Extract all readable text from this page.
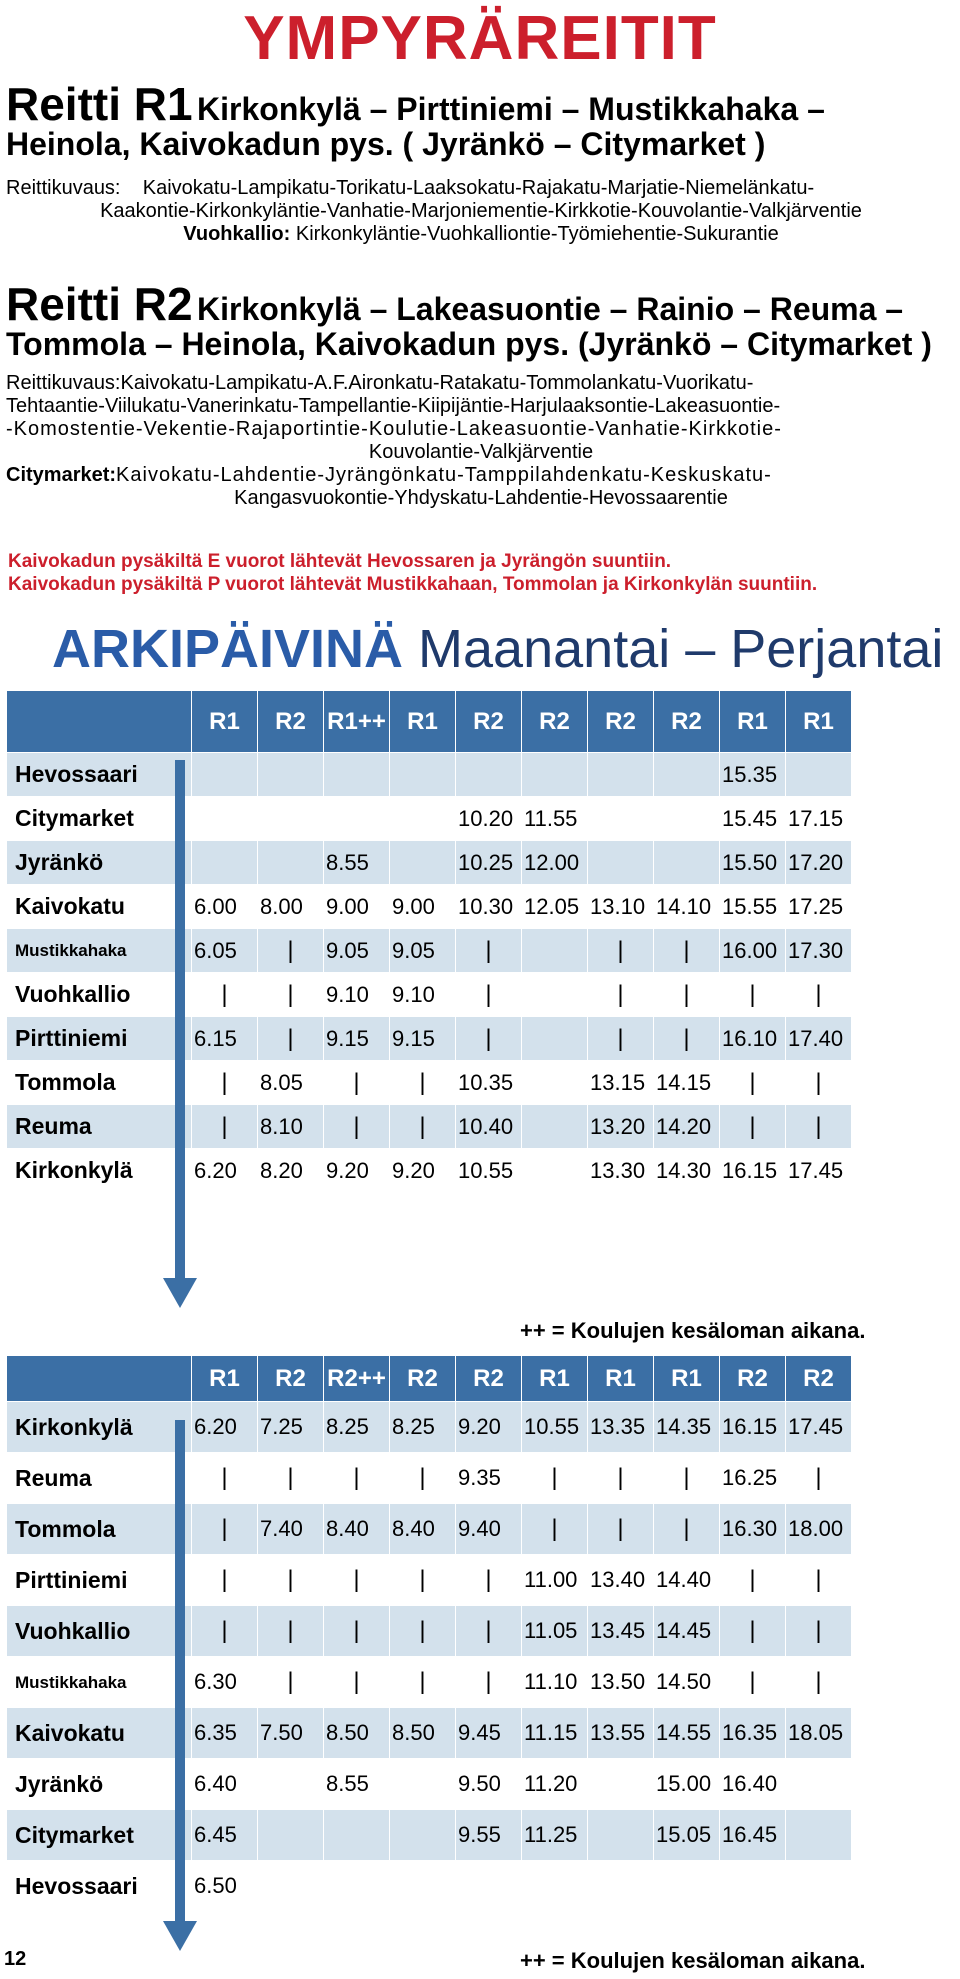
YMPYRÄREITIT
Reitti R1 Kirkonkylä – Pirttiniemi – Mustikkahaka –
Heinola, Kaivokadun pys. ( Jyränkö – Citymarket )
Reittikuvaus: Kaivokatu-Lampikatu-Torikatu-Laaksokatu-Rajakatu-Marjatie-Niemelänkatu-
Kaakontie-Kirkonkyläntie-Vanhatie-Marjoniementie-Kirkkotie-Kouvolantie-Valkjärventie
Vuohkallio: Kirkonkyläntie-Vuohkalliontie-Työmiehentie-Sukurantie
Reitti R2 Kirkonkylä – Lakeasuontie – Rainio – Reuma –
Tommola – Heinola, Kaivokadun pys. (Jyränkö – Citymarket )
Reittikuvaus:Kaivokatu-Lampikatu-A.F.Aironkatu-Ratakatu-Tommolankatu-Vuorikatu-
Tehtaantie-Viilukatu-Vanerinkatu-Tampellantie-Kiipijäntie-Harjulaaksontie-Lakeasuontie-
-Komostentie-Vekentie-Rajaportintie-Koulutie-Lakeasuontie-Vanhatie-Kirkkotie-
Kouvolantie-Valkjärventie
Citymarket:Kaivokatu-Lahdentie-Jyrängönkatu-Tamppilahdenkatu-Keskuskatu-
Kangasvuokontie-Yhdyskatu-Lahdentie-Hevossaarentie
Kaivokadun pysäkiltä E vuorot lähtevät Hevossaren ja Jyrängön suuntiin.
Kaivokadun pysäkiltä P vuorot lähtevät Mustikkahaan, Tommolan ja Kirkonkylän suuntiin.
ARKIPÄIVINÄ Maanantai – Perjantai
	R1	R2	R1++	R1	R2	R2	R2	R2	R1	R1
Hevossaari									15.35	
Citymarket					10.20	11.55			15.45	17.15
Jyränkö			8.55		10.25	12.00			15.50	17.20
Kaivokatu	6.00	8.00	9.00	9.00	10.30	12.05	13.10	14.10	15.55	17.25
Mustikkahaka	6.05	|	9.05	9.05	|		|	|	16.00	17.30
Vuohkallio	|	|	9.10	9.10	|		|	|	|	|
Pirttiniemi	6.15	|	9.15	9.15	|		|	|	16.10	17.40
Tommola	|	8.05	|	|	10.35		13.15	14.15	|	|
Reuma	|	8.10	|	|	10.40		13.20	14.20	|	|
Kirkonkylä	6.20	8.20	9.20	9.20	10.55		13.30	14.30	16.15	17.45
++ = Koulujen kesäloman aikana.
	R1	R2	R2++	R2	R2	R1	R1	R1	R2	R2
Kirkonkylä	6.20	7.25	8.25	8.25	9.20	10.55	13.35	14.35	16.15	17.45
Reuma	|	|	|	|	9.35	|	|	|	16.25	|
Tommola	|	7.40	8.40	8.40	9.40	|	|	|	16.30	18.00
Pirttiniemi	|	|	|	|	|	11.00	13.40	14.40	|	|
Vuohkallio	|	|	|	|	|	11.05	13.45	14.45	|	|
Mustikkahaka	6.30	|	|	|	|	11.10	13.50	14.50	|	|
Kaivokatu	6.35	7.50	8.50	8.50	9.45	11.15	13.55	14.55	16.35	18.05
Jyränkö	6.40		8.55		9.50	11.20		15.00	16.40	
Citymarket	6.45				9.55	11.25		15.05	16.45	
Hevossaari	6.50									
++ = Koulujen kesäloman aikana.
12
